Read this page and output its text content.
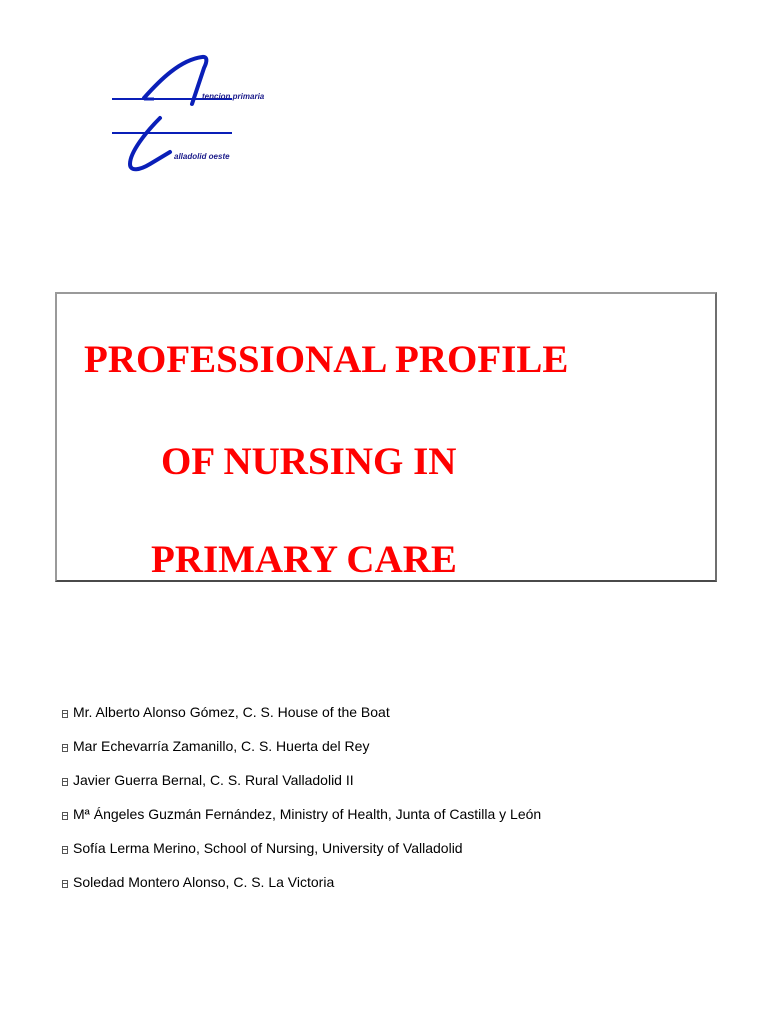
tencion primaria
alladolid oeste

PROFESSIONAL PROFILE

OF NURSING IN

PRIMARY CARE

Mr. Alberto Alonso Gómez, C. S. House of the Boat
Mar Echevarría Zamanillo, C. S. Huerta del Rey
Javier Guerra Bernal, C. S. Rural Valladolid II
Mª Ángeles Guzmán Fernández, Ministry of Health, Junta of Castilla y León
Sofía Lerma Merino, School of Nursing, University of Valladolid
Soledad Montero Alonso, C. S. La Victoria
